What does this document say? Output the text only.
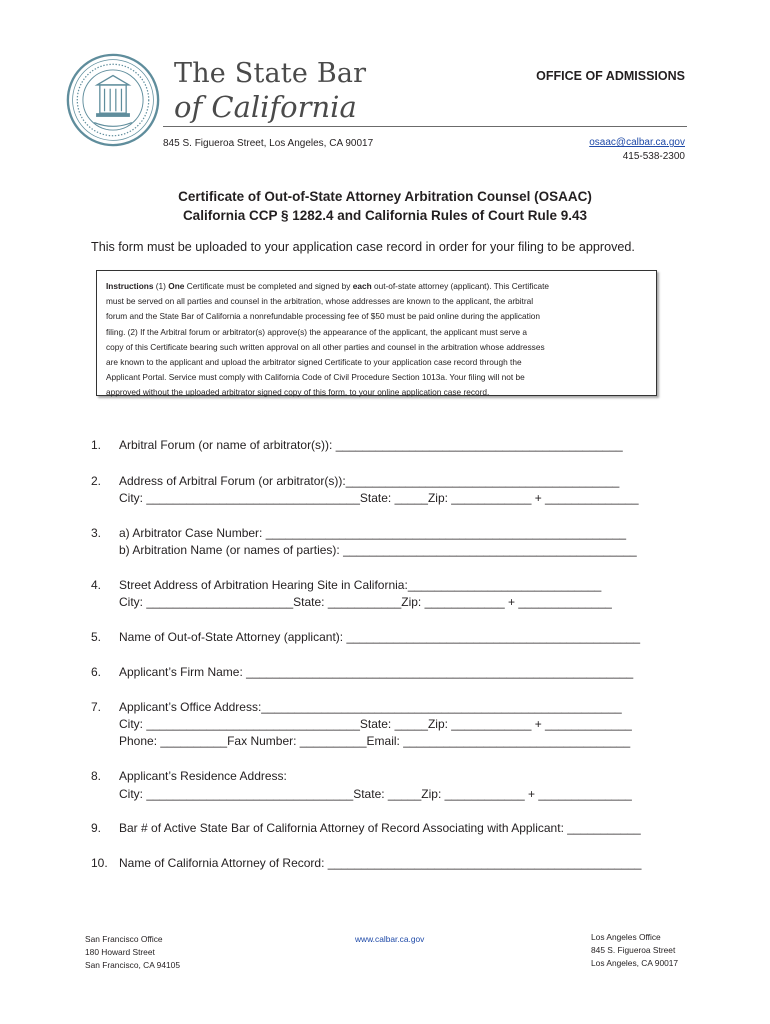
The State Bar
of California
OFFICE OF ADMISSIONS
845 S. Figueroa Street, Los Angeles, CA 90017	osaac@calbar.ca.gov
415-538-2300
Certificate of Out-of-State Attorney Arbitration Counsel (OSAAC)
California CCP § 1282.4 and California Rules of Court Rule 9.43
This form must be uploaded to your application case record in order for your filing to be approved.

Instructions (1) One Certificate must be completed and signed by each out-of-state attorney (applicant). This Certificate

must be served on all parties and counsel in the arbitration, whose addresses are known to the applicant, the arbitral

forum and the State Bar of California a nonrefundable processing fee of $50 must be paid online during the application

filing. (2) If the Arbitral forum or arbitrator(s) approve(s) the appearance of the applicant, the applicant must serve a

copy of this Certificate bearing such written approval on all other parties and counsel in the arbitration whose addresses

are known to the applicant and upload the arbitrator signed Certificate to your application case record through the

Applicant Portal. Service must comply with California Code of Civil Procedure Section 1013a. Your filing will not be

approved without the uploaded arbitrator signed copy of this form, to your online application case record.

1. Arbitral Forum (or name of arbitrator(s)): ___________________________________________
2. Address of Arbitral Forum (or arbitrator(s)):_________________________________________
City: ________________________________State: _____Zip: ____________ + ______________
3. a) Arbitrator Case Number: ______________________________________________________
b) Arbitration Name (or names of parties): ____________________________________________
4. Street Address of Arbitration Hearing Site in California:_____________________________
City: ______________________State: ___________Zip: ____________ + ______________
5. Name of Out-of-State Attorney (applicant): ____________________________________________
6. Applicant’s Firm Name: __________________________________________________________
7. Applicant’s Office Address:______________________________________________________
City: ________________________________State: _____Zip: ____________ + _____________
Phone: __________Fax Number: __________Email: __________________________________
8. Applicant’s Residence Address:
City: _______________________________State: _____Zip: ____________ + ______________
9. Bar # of Active State Bar of California Attorney of Record Associating with Applicant: ___________
10. Name of California Attorney of Record: _______________________________________________

San Francisco Office

180 Howard Street

San Francisco, CA 94105

www.calbar.ca.gov	Los Angeles Office

845 S. Figueroa Street

Los Angeles, CA 90017
